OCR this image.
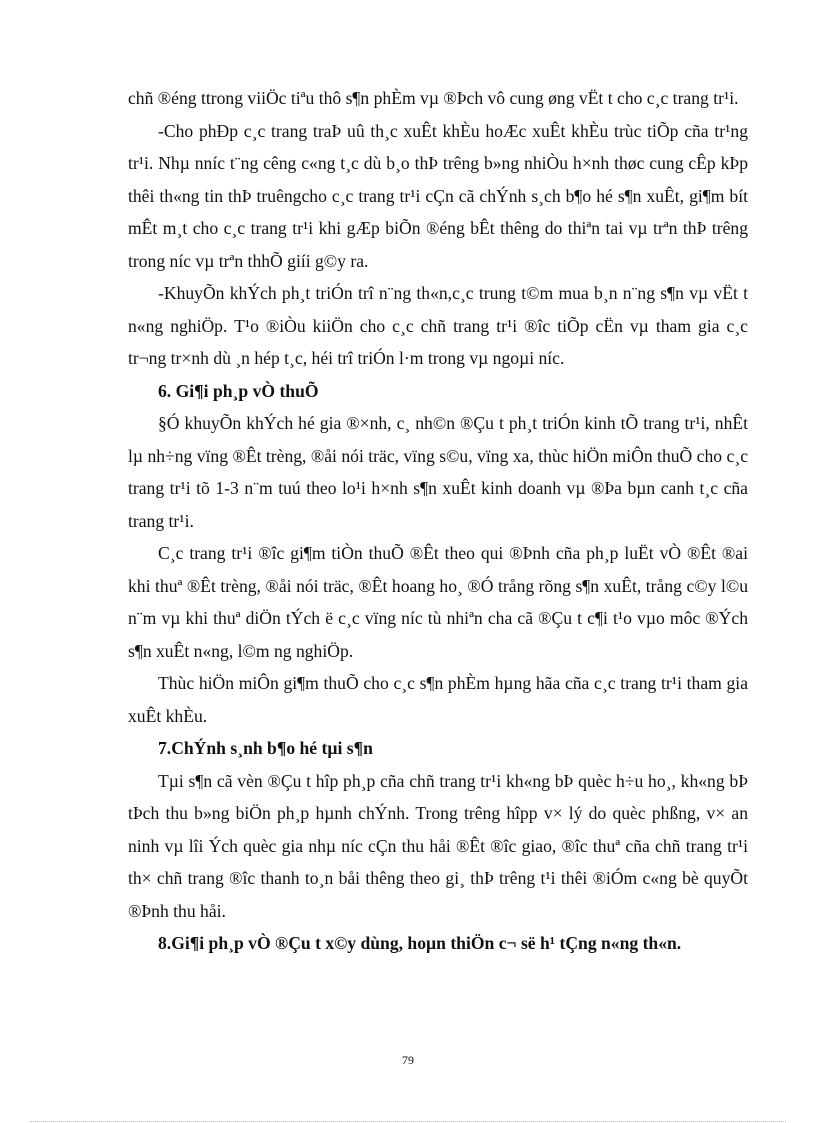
chñ ®éng ttrong viiÖc tiªu thô s¶n phÈm vµ ®Þch vô cung øng vËt t cho c¸c trang tr¹i.

-Cho phÐp c¸c trang traÞ uû th¸c xuÊt khÈu hoÆc xuÊt khÈu trùc tiÕp cña tr¹ng tr¹i. Nhµ nníc t¨ng cêng c«ng t¸c dù b¸o thÞ trêng b»ng nhiÒu h×nh thøc cung cÊp kÞp thêi th«ng tin thÞ truêngcho c¸c trang tr¹i cÇn cã chÝnh s¸ch b¶o hé s¶n xuÊt, gi¶m bít mÊt m¸t cho c¸c trang tr¹i khi gÆp biÕn ®éng bÊt thêng do thiªn tai vµ trªn thÞ trêng trong níc vµ trªn thhÕ giíi g©y ra.

-KhuyÕn khÝch ph¸t triÓn trî n¨ng th«n,c¸c trung t©m mua b¸n n¨ng s¶n vµ vËt t n«ng nghiÖp. T¹o ®iÒu kiiÖn cho c¸c chñ trang tr¹i ®îc tiÕp cËn vµ tham gia c¸c tr¬ng tr×nh dù ¸n hép t¸c, héi trî triÓn l·m trong vµ ngoµi níc.

6. Gi¶i ph¸p vÒ thuÕ

§Ó khuyÕn khÝch hé gia ®×nh, c¸ nh©n ®Çu t ph¸t triÓn kinh tÕ trang tr¹i, nhÊt lµ nh÷ng vïng ®Êt trèng, ®åi nói träc, vïng s©u, vïng xa, thùc hiÖn miÔn thuÕ cho c¸c trang tr¹i tõ 1-3 n¨m tuú theo lo¹i h×nh s¶n xuÊt kinh doanh vµ ®Þa bµn canh t¸c cña trang tr¹i.

C¸c trang tr¹i ®îc gi¶m tiÒn thuÕ ®Êt theo qui ®Þnh cña ph¸p luËt vÒ ®Êt ®ai khi thuª ®Êt trèng, ®åi nói träc, ®Êt hoang ho¸ ®Ó trång rõng s¶n xuÊt, trång c©y l©u n¨m vµ khi thuª diÖn tÝch ë c¸c vïng níc tù nhiªn cha cã ®Çu t c¶i t¹o vµo môc ®Ých s¶n xuÊt n«ng, l©m ng nghiÖp.

Thùc hiÖn miÔn gi¶m thuÕ cho c¸c s¶n phÈm hµng hãa cña c¸c trang tr¹i tham gia xuÊt khÈu.

7.ChÝnh s¸nh b¶o hé tµi s¶n

Tµi s¶n cã vèn ®Çu t hîp ph¸p cña chñ trang tr¹i kh«ng bÞ quèc h÷u ho¸, kh«ng bÞ tÞch thu b»ng biÖn ph¸p hµnh chÝnh. Trong trêng hîpp v× lý do quèc phßng, v× an ninh vµ lîi Ých quèc gia nhµ níc cÇn thu håi ®Êt ®îc giao, ®îc thuª cña chñ trang tr¹i th× chñ trang ®îc thanh to¸n båi thêng theo gi¸ thÞ trêng t¹i thêi ®iÓm c«ng bè quyÕt ®Þnh thu håi.

8.Gi¶i ph¸p vÒ ®Çu t x©y dùng, hoµn thiÖn c¬ së h¹ tÇng n«ng th«n.

79
